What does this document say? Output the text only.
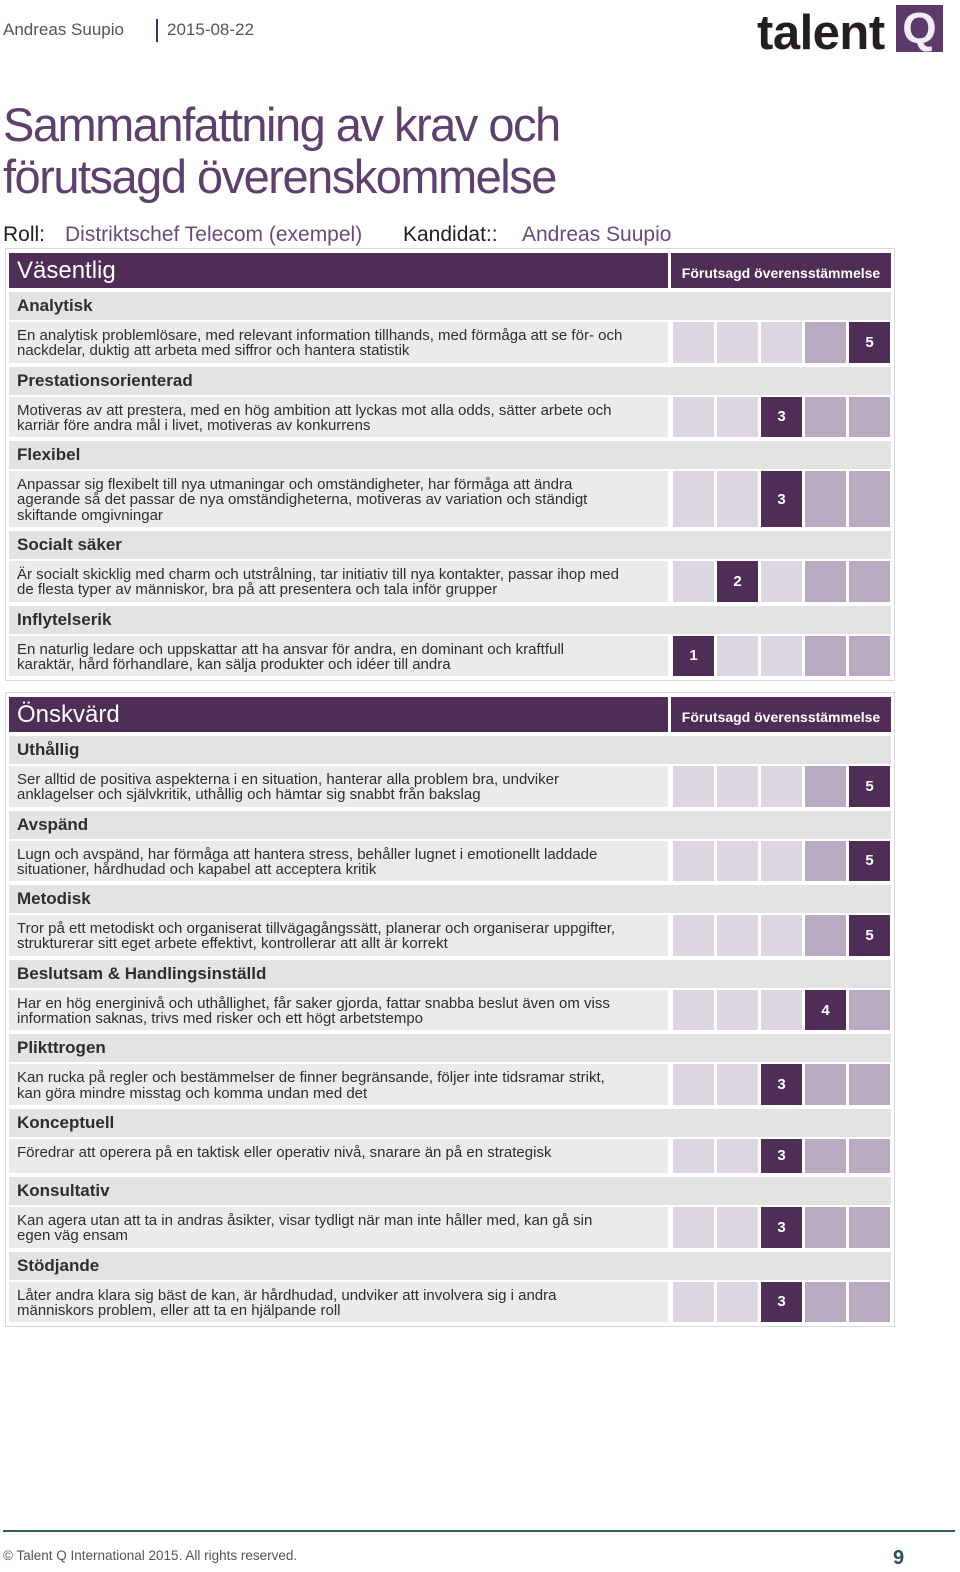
Andreas Suupio	2015-08-22	talent Q
Sammanfattning av krav och
förutsagd överenskommelse
Roll: Distriktschef Telecom (exempel) Kandidat:: Andreas Suupio
Väsentlig	Förutsagd överensstämmelse
Analytisk
En analytisk problemlösare, med relevant information tillhands, med förmåga att se för- och
nackdelar, duktig att arbeta med siffror och hantera statistik	5
Prestationsorienterad
Motiveras av att prestera, med en hög ambition att lyckas mot alla odds, sätter arbete och
karriär före andra mål i livet, motiveras av konkurrens	3
Flexibel
Anpassar sig flexibelt till nya utmaningar och omständigheter, har förmåga att ändra
agerande så det passar de nya omständigheterna, motiveras av variation och ständigt
skiftande omgivningar
3
Socialt säker
Är socialt skicklig med charm och utstrålning, tar initiativ till nya kontakter, passar ihop med
de flesta typer av människor, bra på att presentera och tala inför grupper	2
Inflytelserik
En naturlig ledare och uppskattar att ha ansvar för andra, en dominant och kraftfull
karaktär, hård förhandlare, kan sälja produkter och idéer till andra	1
Önskvärd	Förutsagd överensstämmelse
Uthållig
Ser alltid de positiva aspekterna i en situation, hanterar alla problem bra, undviker
anklagelser och självkritik, uthållig och hämtar sig snabbt från bakslag	5
Avspänd
Lugn och avspänd, har förmåga att hantera stress, behåller lugnet i emotionellt laddade
situationer, hårdhudad och kapabel att acceptera kritik	5
Metodisk
Tror på ett metodiskt och organiserat tillvägagångssätt, planerar och organiserar uppgifter,
strukturerar sitt eget arbete effektivt, kontrollerar att allt är korrekt	5
Beslutsam & Handlingsinställd
Har en hög energinivå och uthållighet, får saker gjorda, fattar snabba beslut även om viss
information saknas, trivs med risker och ett högt arbetstempo	4
Plikttrogen
Kan rucka på regler och bestämmelser de finner begränsande, följer inte tidsramar strikt,
kan göra mindre misstag och komma undan med det	3
Konceptuell
Föredrar att operera på en taktisk eller operativ nivå, snarare än på en strategisk	3
Konsultativ
Kan agera utan att ta in andras åsikter, visar tydligt när man inte håller med, kan gå sin
egen väg ensam	3
Stödjande
Låter andra klara sig bäst de kan, är hårdhudad, undviker att involvera sig i andra
människors problem, eller att ta en hjälpande roll	3
© Talent Q International 2015. All rights reserved.	9
